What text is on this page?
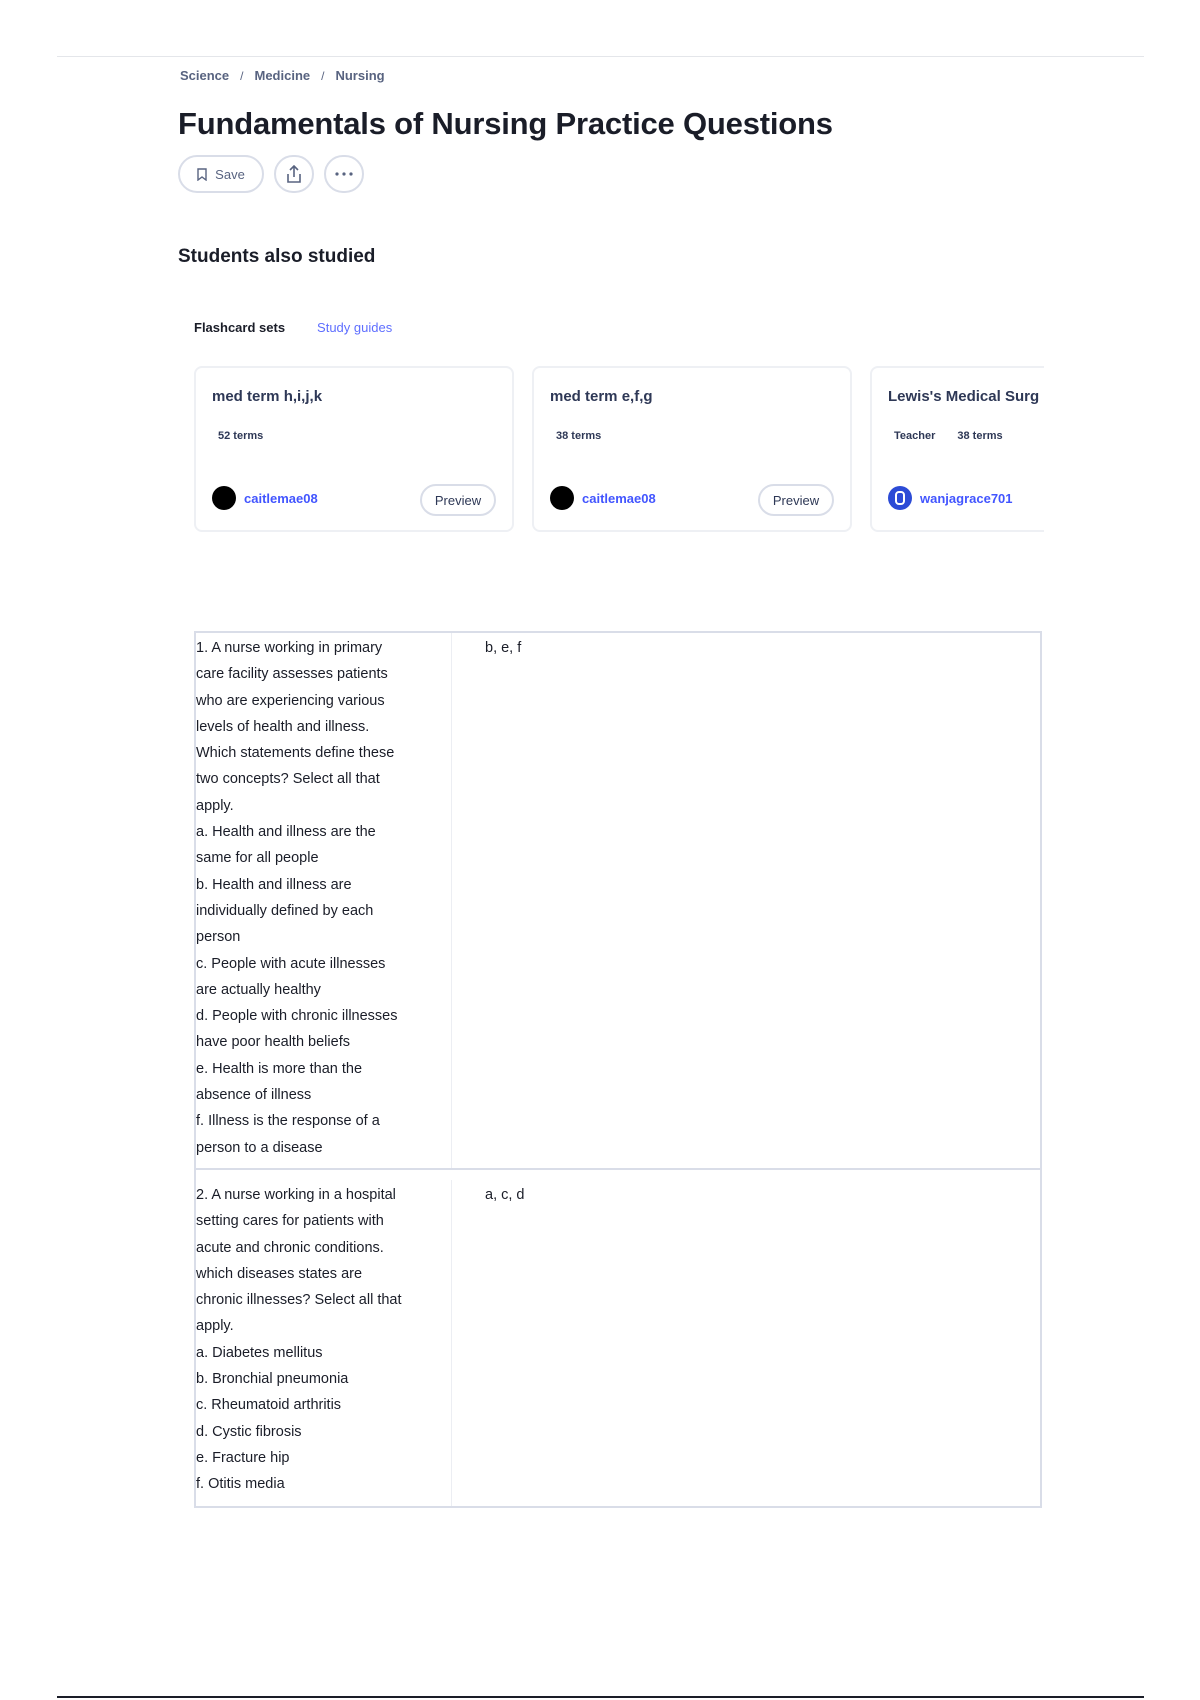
Science / Medicine / Nursing
Fundamentals of Nursing Practice Questions
Save
Students also studied
Flashcard sets Study guides
med term h,i,j,k
52 terms
caitlemae08	Preview
med term e,f,g
38 terms
caitlemae08	Preview
Lewis's Medical Surg
Teacher 38 terms
wanjagrace701
1. A nurse working in primary
care facility assesses patients
who are experiencing various
levels of health and illness.
Which statements define these
two concepts? Select all that
apply.
a. Health and illness are the
same for all people
b. Health and illness are
individually defined by each
person
c. People with acute illnesses
are actually healthy
d. People with chronic illnesses
have poor health beliefs
e. Health is more than the
absence of illness
f. Illness is the response of a
person to a disease
b, e, f
2. A nurse working in a hospital
setting cares for patients with
acute and chronic conditions.
which diseases states are
chronic illnesses? Select all that
apply.
a. Diabetes mellitus
b. Bronchial pneumonia
c. Rheumatoid arthritis
d. Cystic fibrosis
e. Fracture hip
f. Otitis media
a, c, d
